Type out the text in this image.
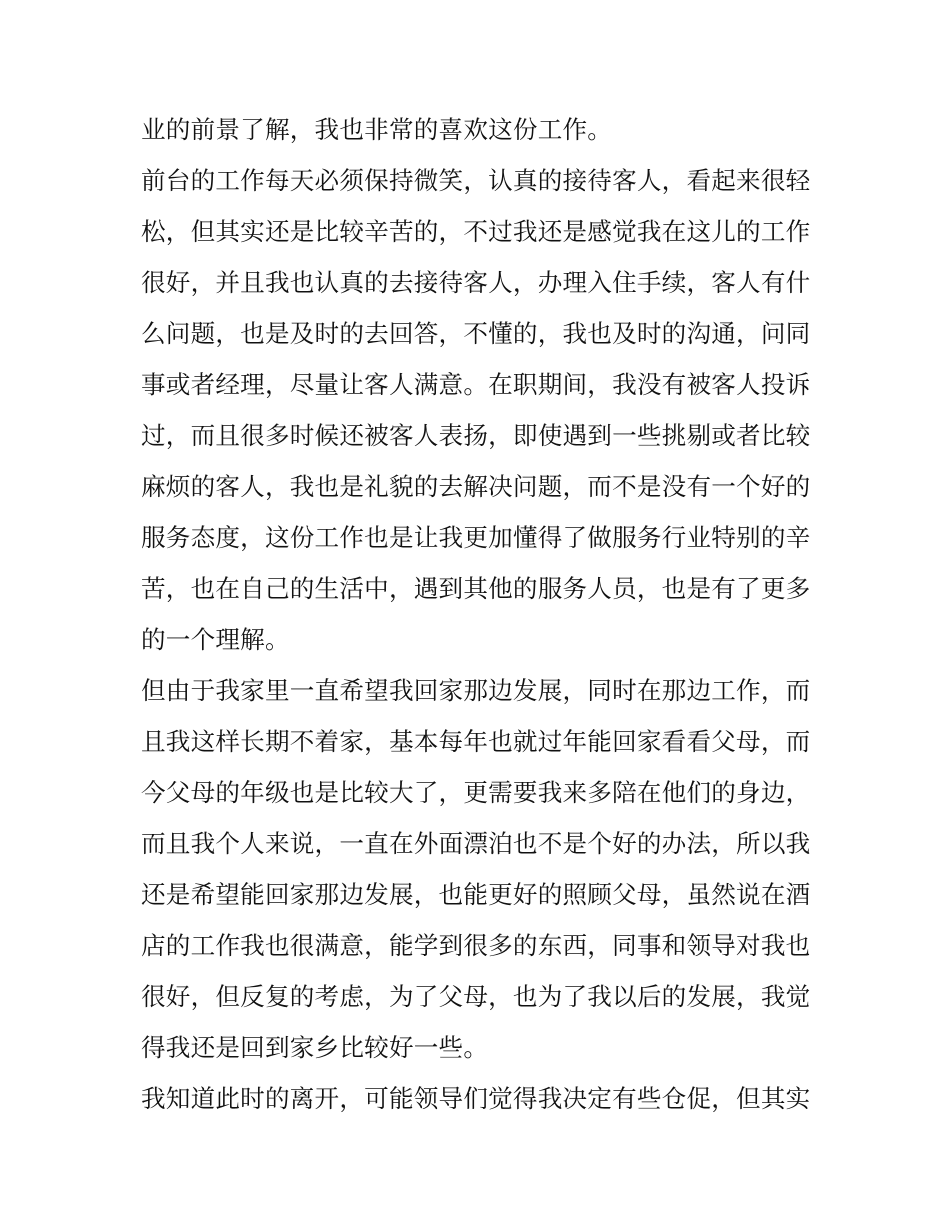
业的前景了解，我也非常的喜欢这份工作。
前台的工作每天必须保持微笑，认真的接待客人，看起来很轻
松，但其实还是比较辛苦的，不过我还是感觉我在这儿的工作
很好，并且我也认真的去接待客人，办理入住手续，客人有什
么问题，也是及时的去回答，不懂的，我也及时的沟通，问同
事或者经理，尽量让客人满意。在职期间，我没有被客人投诉
过，而且很多时候还被客人表扬，即使遇到一些挑剔或者比较
麻烦的客人，我也是礼貌的去解决问题，而不是没有一个好的
服务态度，这份工作也是让我更加懂得了做服务行业特别的辛
苦，也在自己的生活中，遇到其他的服务人员，也是有了更多
的一个理解。
但由于我家里一直希望我回家那边发展，同时在那边工作，而
且我这样长期不着家，基本每年也就过年能回家看看父母，而
今父母的年级也是比较大了，更需要我来多陪在他们的身边，
而且我个人来说，一直在外面漂泊也不是个好的办法，所以我
还是希望能回家那边发展，也能更好的照顾父母，虽然说在酒
店的工作我也很满意，能学到很多的东西，同事和领导对我也
很好，但反复的考虑，为了父母，也为了我以后的发展，我觉
得我还是回到家乡比较好一些。
我知道此时的离开，可能领导们觉得我决定有些仓促，但其实
